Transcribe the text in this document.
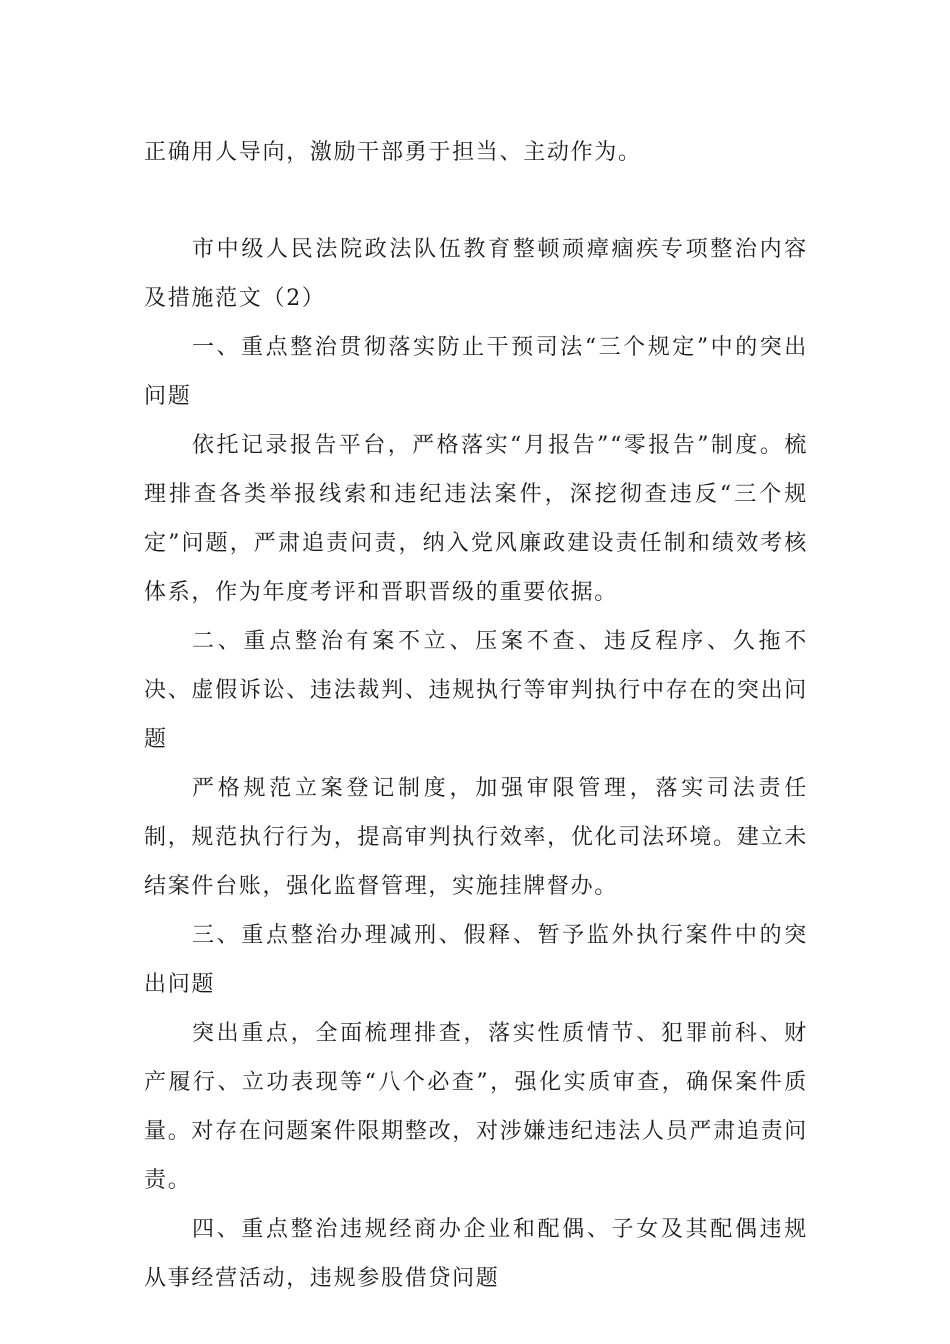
正确用人导向，激励干部勇于担当、主动作为。

市中级人民法院政法队伍教育整顿顽瘴痼疾专项整治内容及措施范文（2）

一、重点整治贯彻落实防止干预司法“三个规定”中的突出问题

依托记录报告平台，严格落实“月报告”“零报告”制度。梳理排查各类举报线索和违纪违法案件，深挖彻查违反“三个规定”问题，严肃追责问责，纳入党风廉政建设责任制和绩效考核体系，作为年度考评和晋职晋级的重要依据。

二、重点整治有案不立、压案不查、违反程序、久拖不决、虚假诉讼、违法裁判、违规执行等审判执行中存在的突出问题

严格规范立案登记制度，加强审限管理，落实司法责任制，规范执行行为，提高审判执行效率，优化司法环境。建立未结案件台账，强化监督管理，实施挂牌督办。

三、重点整治办理减刑、假释、暂予监外执行案件中的突出问题

突出重点，全面梳理排查，落实性质情节、犯罪前科、财产履行、立功表现等“八个必查”，强化实质审查，确保案件质量。对存在问题案件限期整改，对涉嫌违纪违法人员严肃追责问责。

四、重点整治违规经商办企业和配偶、子女及其配偶违规从事经营活动，违规参股借贷问题
